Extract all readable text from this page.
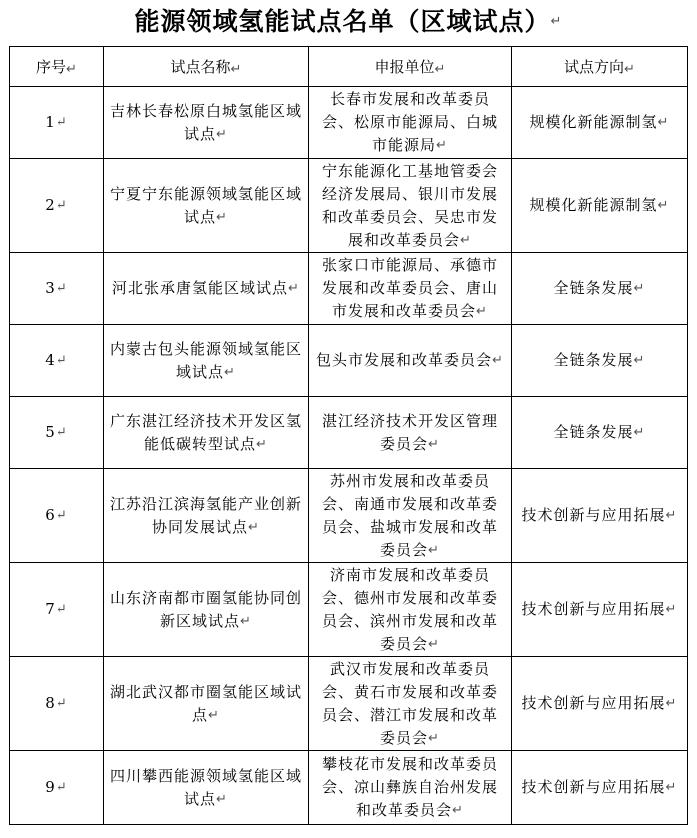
能源领域氢能试点名单（区域试点）↵
序号↵	试点名称↵	申报单位↵	试点方向↵
1↵	吉林长春松原白城氢能区域试点↵	长春市发展和改革委员会、松原市能源局、白城市能源局↵	规模化新能源制氢↵
2↵	宁夏宁东能源领域氢能区域试点↵	宁东能源化工基地管委会经济发展局、银川市发展和改革委员会、吴忠市发展和改革委员会↵	规模化新能源制氢↵
3↵	河北张承唐氢能区域试点↵	张家口市能源局、承德市发展和改革委员会、唐山市发展和改革委员会↵	全链条发展↵
4↵	内蒙古包头能源领域氢能区域试点↵	包头市发展和改革委员会↵	全链条发展↵
5↵	广东湛江经济技术开发区氢能低碳转型试点↵	湛江经济技术开发区管理委员会↵	全链条发展↵
6↵	江苏沿江滨海氢能产业创新协同发展试点↵	苏州市发展和改革委员会、南通市发展和改革委员会、盐城市发展和改革委员会↵	技术创新与应用拓展↵
7↵	山东济南都市圈氢能协同创新区域试点↵	济南市发展和改革委员会、德州市发展和改革委员会、滨州市发展和改革委员会↵	技术创新与应用拓展↵
8↵	湖北武汉都市圈氢能区域试点↵	武汉市发展和改革委员会、黄石市发展和改革委员会、潜江市发展和改革委员会↵	技术创新与应用拓展↵
9↵	四川攀西能源领域氢能区域试点↵	攀枝花市发展和改革委员会、凉山彝族自治州发展和改革委员会↵	技术创新与应用拓展↵
